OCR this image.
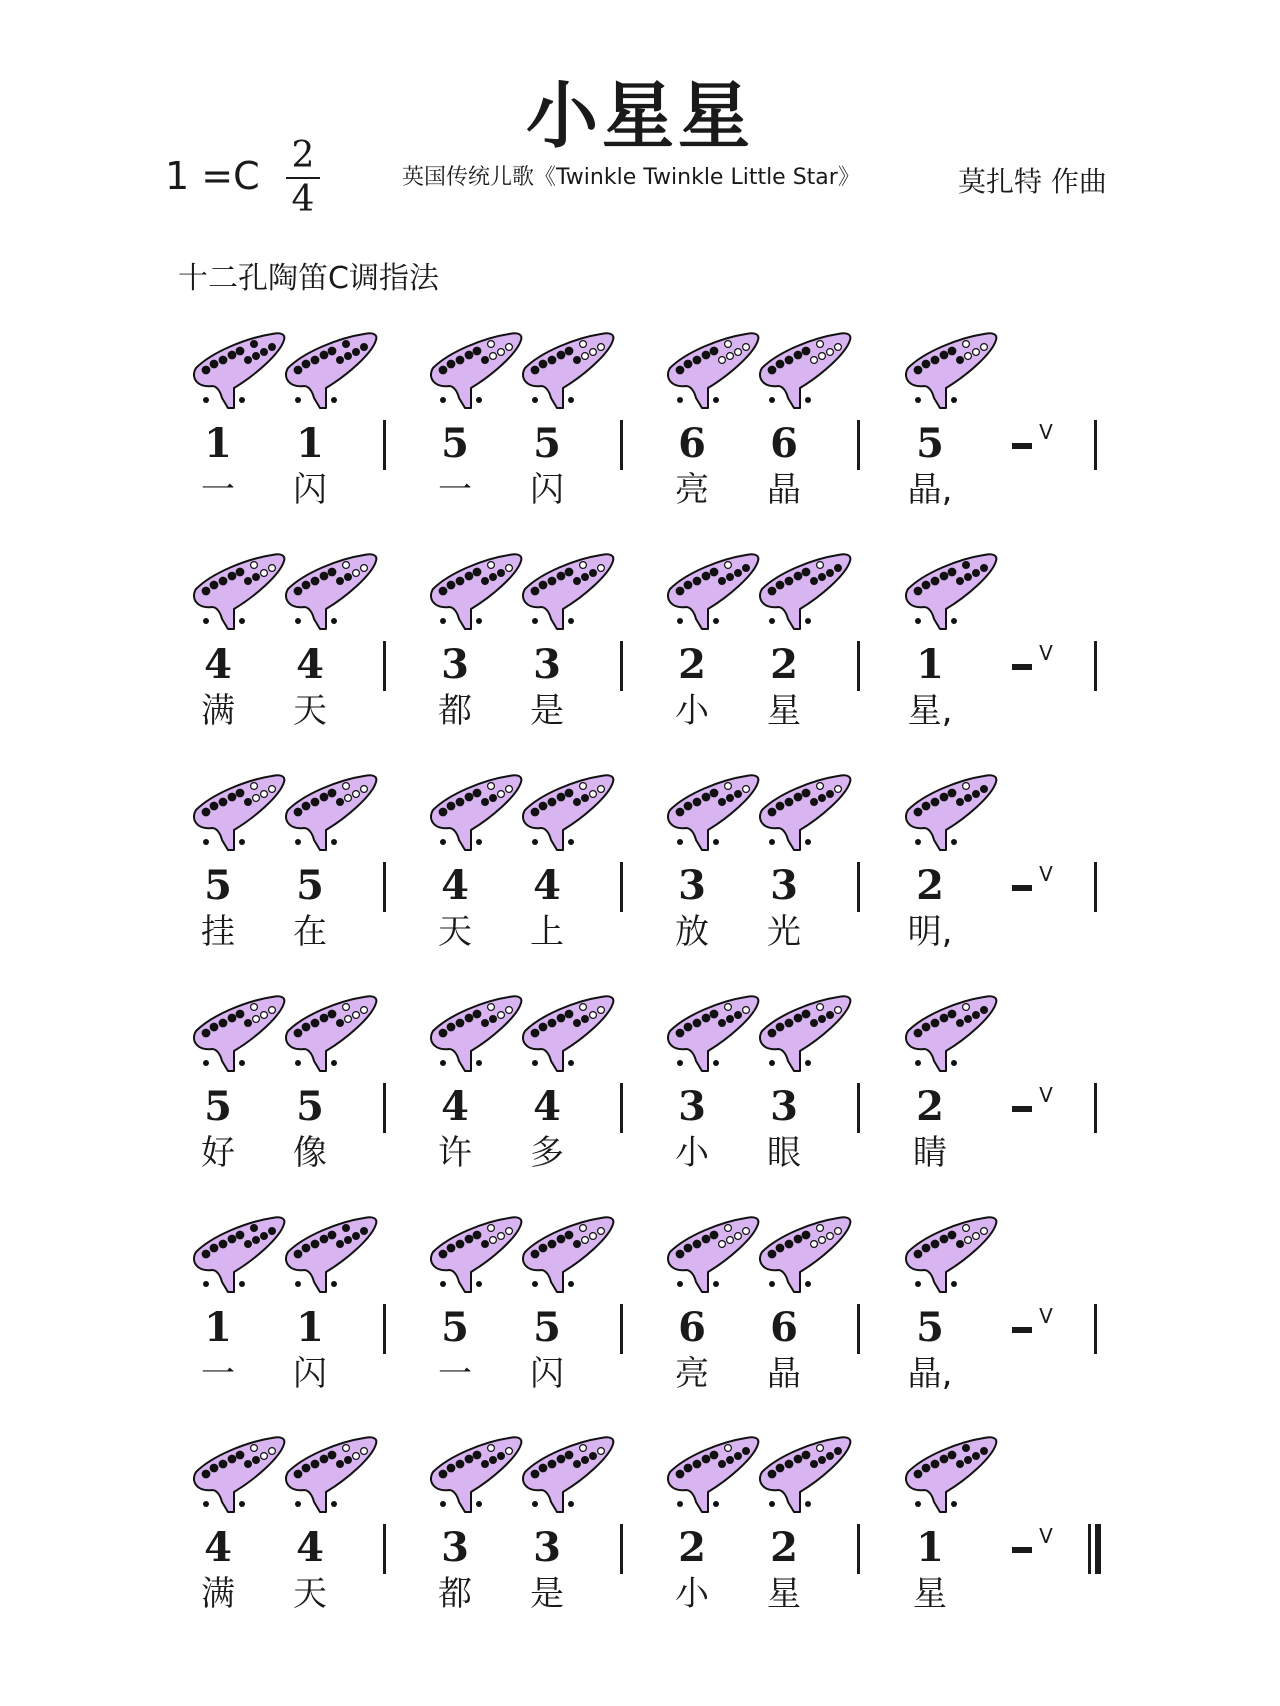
小星星
1 =C 2
4
英国传统儿歌《Twinkle Twinkle Little Star》	莫扎特 作曲
十二孔陶笛C调指法
1
一
1
闪
5
一
5
闪
6
亮
6
晶
5
晶,
V
4
满
4
天
3
都
3
是
2
小
2
星
1
星,
V
5
挂
5
在
4
天
4
上
3
放
3
光
2
明,
V
5
好
5
像
4
许
4
多
3
小
3
眼
2
睛
V
1
一
1
闪
5
一
5
闪
6
亮
6
晶
5
晶,
V
4
满
4
天
3
都
3
是
2
小
2
星
1
星
V
